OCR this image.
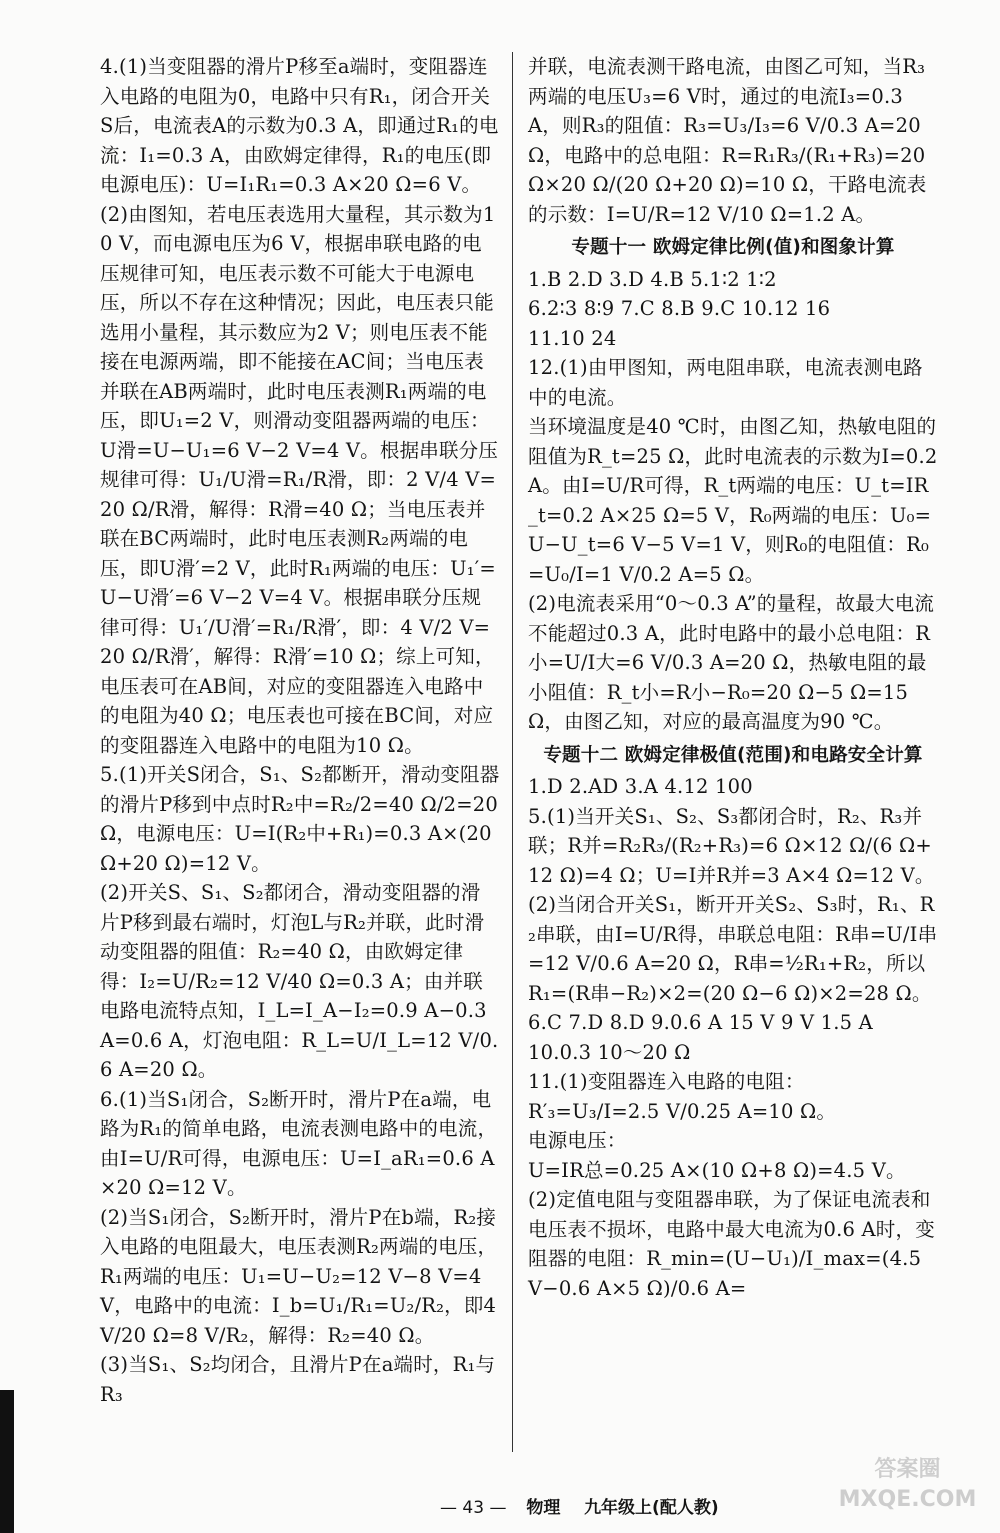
4.(1)当变阻器的滑片P移至a端时，变阻器连入电路的电阻为0，电路中只有R₁，闭合开关S后，电流表A的示数为0.3 A，即通过R₁的电流：I₁=0.3 A，由欧姆定律得，R₁的电压(即电源电压)：U=I₁R₁=0.3 A×20 Ω=6 V。

(2)由图知，若电压表选用大量程，其示数为10 V，而电源电压为6 V，根据串联电路的电压规律可知，电压表示数不可能大于电源电压，所以不存在这种情况；因此，电压表只能选用小量程，其示数应为2 V；则电压表不能接在电源两端，即不能接在AC间；当电压表并联在AB两端时，此时电压表测R₁两端的电压，即U₁=2 V，则滑动变阻器两端的电压：U滑=U−U₁=6 V−2 V=4 V。根据串联分压规律可得：U₁/U滑=R₁/R滑，即：2 V/4 V=20 Ω/R滑，解得：R滑=40 Ω；当电压表并联在BC两端时，此时电压表测R₂两端的电压，即U滑′=2 V，此时R₁两端的电压：U₁′=U−U滑′=6 V−2 V=4 V。根据串联分压规律可得：U₁′/U滑′=R₁/R滑′，即：4 V/2 V=20 Ω/R滑′，解得：R滑′=10 Ω；综上可知，电压表可在AB间，对应的变阻器连入电路中的电阻为40 Ω；电压表也可接在BC间，对应的变阻器连入电路中的电阻为10 Ω。

5.(1)开关S闭合，S₁、S₂都断开，滑动变阻器的滑片P移到中点时R₂中=R₂/2=40 Ω/2=20 Ω，电源电压：U=I(R₂中+R₁)=0.3 A×(20 Ω+20 Ω)=12 V。

(2)开关S、S₁、S₂都闭合，滑动变阻器的滑片P移到最右端时，灯泡L与R₂并联，此时滑动变阻器的阻值：R₂=40 Ω，由欧姆定律得：I₂=U/R₂=12 V/40 Ω=0.3 A；由并联电路电流特点知，I_L=I_A−I₂=0.9 A−0.3 A=0.6 A，灯泡电阻：R_L=U/I_L=12 V/0.6 A=20 Ω。

6.(1)当S₁闭合，S₂断开时，滑片P在a端，电路为R₁的简单电路，电流表测电路中的电流，由I=U/R可得，电源电压：U=I_aR₁=0.6 A×20 Ω=12 V。

(2)当S₁闭合，S₂断开时，滑片P在b端，R₂接入电路的电阻最大，电压表测R₂两端的电压，R₁两端的电压：U₁=U−U₂=12 V−8 V=4 V，电路中的电流：I_b=U₁/R₁=U₂/R₂，即4 V/20 Ω=8 V/R₂，解得：R₂=40 Ω。

(3)当S₁、S₂均闭合，且滑片P在a端时，R₁与R₃

并联，电流表测干路电流，由图乙可知，当R₃两端的电压U₃=6 V时，通过的电流I₃=0.3 A，则R₃的阻值：R₃=U₃/I₃=6 V/0.3 A=20 Ω，电路中的总电阻：R=R₁R₃/(R₁+R₃)=20 Ω×20 Ω/(20 Ω+20 Ω)=10 Ω，干路电流表的示数：I=U/R=12 V/10 Ω=1.2 A。

专题十一 欧姆定律比例(值)和图象计算

1.B 2.D 3.D 4.B 5.1∶2 1∶2

6.2∶3 8∶9 7.C 8.B 9.C 10.12 16

11.10 24

12.(1)由甲图知，两电阻串联，电流表测电路中的电流。

当环境温度是40 ℃时，由图乙知，热敏电阻的阻值为R_t=25 Ω，此时电流表的示数为I=0.2 A。由I=U/R可得，R_t两端的电压：U_t=IR_t=0.2 A×25 Ω=5 V，R₀两端的电压：U₀=U−U_t=6 V−5 V=1 V，则R₀的电阻值：R₀=U₀/I=1 V/0.2 A=5 Ω。

(2)电流表采用“0～0.3 A”的量程，故最大电流不能超过0.3 A，此时电路中的最小总电阻：R小=U/I大=6 V/0.3 A=20 Ω，热敏电阻的最小阻值：R_t小=R小−R₀=20 Ω−5 Ω=15 Ω，由图乙知，对应的最高温度为90 ℃。

专题十二 欧姆定律极值(范围)和电路安全计算

1.D 2.AD 3.A 4.12 100

5.(1)当开关S₁、S₂、S₃都闭合时，R₂、R₃并联；R并=R₂R₃/(R₂+R₃)=6 Ω×12 Ω/(6 Ω+12 Ω)=4 Ω；U=I并R并=3 A×4 Ω=12 V。

(2)当闭合开关S₁，断开开关S₂、S₃时，R₁、R₂串联，由I=U/R得，串联总电阻：R串=U/I串=12 V/0.6 A=20 Ω，R串=½R₁+R₂，所以R₁=(R串−R₂)×2=(20 Ω−6 Ω)×2=28 Ω。

6.C 7.D 8.D 9.0.6 A 15 V 9 V 1.5 A

10.0.3 10～20 Ω

11.(1)变阻器连入电路的电阻：

R′₃=U₃/I=2.5 V/0.25 A=10 Ω。

电源电压：

U=IR总=0.25 A×(10 Ω+8 Ω)=4.5 V。

(2)定值电阻与变阻器串联，为了保证电流表和电压表不损坏，电路中最大电流为0.6 A时，变阻器的电阻：R_min=(U−U₁)/I_max=(4.5 V−0.6 A×5 Ω)/0.6 A=

— 43 — 物理 九年级上(配人教)
答案圈 MXQE.COM
